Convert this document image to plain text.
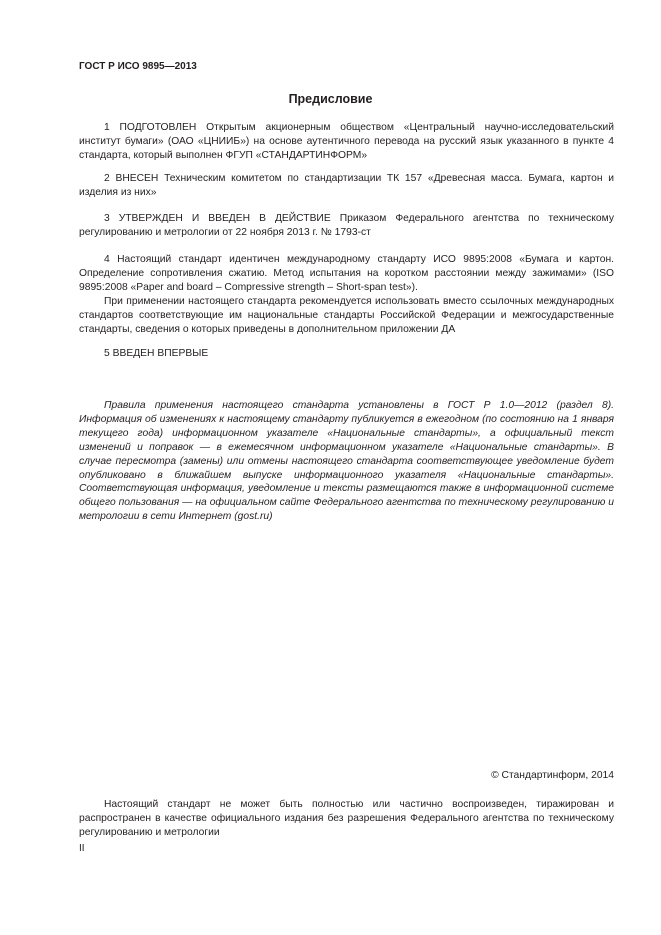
ГОСТ Р ИСО 9895—2013
Предисловие

1 ПОДГОТОВЛЕН Открытым акционерным обществом «Центральный научно-исследовательский институт бумаги» (ОАО «ЦНИИБ») на основе аутентичного перевода на русский язык указанного в пункте 4 стандарта, который выполнен ФГУП «СТАНДАРТИНФОРМ»

2 ВНЕСЕН Техническим комитетом по стандартизации ТК 157 «Древесная масса. Бумага, картон и изделия из них»

3 УТВЕРЖДЕН И ВВЕДЕН В ДЕЙСТВИЕ Приказом Федерального агентства по техническому регулированию и метрологии от 22 ноября 2013 г. № 1793-ст

4 Настоящий стандарт идентичен международному стандарту ИСО 9895:2008 «Бумага и картон. Определение сопротивления сжатию. Метод испытания на коротком расстоянии между зажимами» (ISO 9895:2008 «Paper and board – Compressive strength – Short-span test»).

При применении настоящего стандарта рекомендуется использовать вместо ссылочных международных стандартов соответствующие им национальные стандарты Российской Федерации и межгосударственные стандарты, сведения о которых приведены в дополнительном приложении ДА

5 ВВЕДЕН ВПЕРВЫЕ

Правила применения настоящего стандарта установлены в ГОСТ Р 1.0—2012 (раздел 8). Информация об изменениях к настоящему стандарту публикуется в ежегодном (по состоянию на 1 января текущего года) информационном указателе «Национальные стандарты», а официальный текст изменений и поправок — в ежемесячном информационном указателе «Национальные стандарты». В случае пересмотра (замены) или отмены настоящего стандарта соответствующее уведомление будет опубликовано в ближайшем выпуске информационного указателя «Национальные стандарты». Соответствующая информация, уведомление и тексты размещаются также в информационной системе общего пользования — на официальном сайте Федерального агентства по техническому регулированию и метрологии в сети Интернет (gost.ru)

© Стандартинформ, 2014

Настоящий стандарт не может быть полностью или частично воспроизведен, тиражирован и распространен в качестве официального издания без разрешения Федерального агентства по техническому регулированию и метрологии

II
